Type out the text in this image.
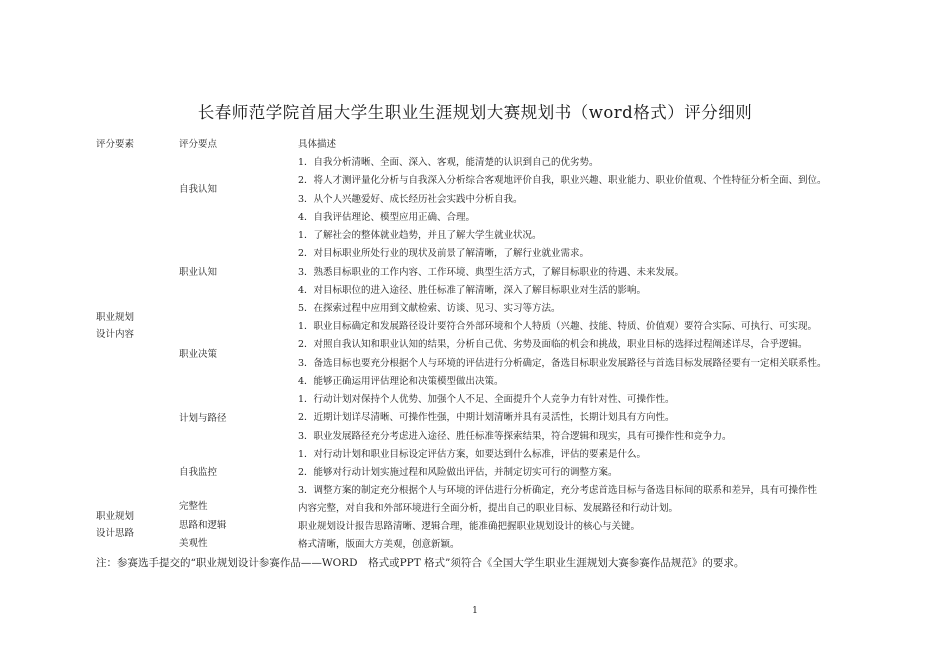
长春师范学院首届大学生职业生涯规划大赛规划书（word格式）评分细则
评分要素	评分要点	具体描述
职业规划
设计内容
职业规划
设计思路
自我认知
职业认知
职业决策
计划与路径
自我监控
完整性
思路和逻辑
美观性
1．自我分析清晰、全面、深入、客观，能清楚的认识到自己的优劣势。
2．将人才测评量化分析与自我深入分析综合客观地评价自我，职业兴趣、职业能力、职业价值观、个性特征分析全面、到位。
3．从个人兴趣爱好、成长经历社会实践中分析自我。
4．自我评估理论、模型应用正确、合理。
1．了解社会的整体就业趋势，并且了解大学生就业状况。
2．对目标职业所处行业的现状及前景了解清晰，了解行业就业需求。
3．熟悉目标职业的工作内容、工作环境、典型生活方式，了解目标职业的待遇、未来发展。
4．对目标职位的进入途径、胜任标准了解清晰，深入了解目标职业对生活的影响。
5．在探索过程中应用到文献检索、访谈、见习、实习等方法。
1．职业目标确定和发展路径设计要符合外部环境和个人特质（兴趣、技能、特质、价值观）要符合实际、可执行、可实现。
2．对照自我认知和职业认知的结果，分析自己优、劣势及面临的机会和挑战，职业目标的选择过程阐述详尽，合乎逻辑。
3．备选目标也要充分根据个人与环境的评估进行分析确定，备选目标职业发展路径与首选目标发展路径要有一定相关联系性。
4．能够正确运用评估理论和决策模型做出决策。
1．行动计划对保持个人优势、加强个人不足、全面提升个人竞争力有针对性、可操作性。
2．近期计划详尽清晰、可操作性强，中期计划清晰并具有灵活性，长期计划具有方向性。
3．职业发展路径充分考虑进入途径、胜任标准等探索结果，符合逻辑和现实，具有可操作性和竞争力。
1．对行动计划和职业目标设定评估方案，如要达到什么标准，评估的要素是什么。
2．能够对行动计划实施过程和风险做出评估，并制定切实可行的调整方案。
3．调整方案的制定充分根据个人与环境的评估进行分析确定，充分考虑首选目标与备选目标间的联系和差异，具有可操作性
内容完整，对自我和外部环境进行全面分析，提出自己的职业目标、发展路径和行动计划。
职业规划设计报告思路清晰、逻辑合理，能准确把握职业规划设计的核心与关键。
格式清晰，版面大方美观，创意新颖。
注：参赛选手提交的“职业规划设计参赛作品——WORD　格式或PPT 格式”须符合《全国大学生职业生涯规划大赛参赛作品规范》的要求。
1
